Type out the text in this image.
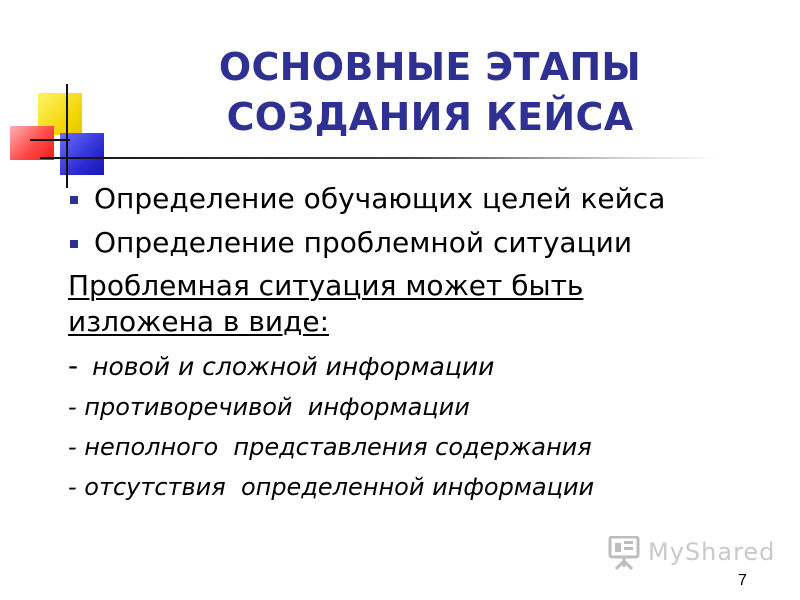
ОСНОВНЫЕ ЭТАПЫ
СОЗДАНИЯ КЕЙСА
Определение обучающих целей кейса
Определение проблемной ситуации
Проблемная ситуация может быть изложена в виде:
- новой и сложной информации
- противоречивой  информации
- неполного  представления содержания
- отсутствия  определенной информации
MyShared
7
